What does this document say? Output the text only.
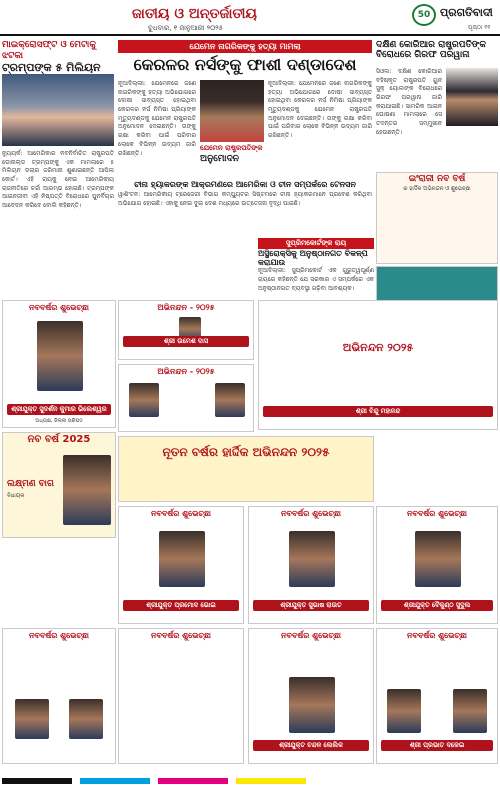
ଜାତୀୟ ଓ ଅନ୍ତର୍ଜାତୀୟ
ବୁଧବାର, ୧ ଜାନୁଆରୀ ୨୦୨୫
50 ପ୍ରଗତିବାଦୀ
ପୃଷ୍ଠା ୧୧
ମାଇକ୍ରୋସଫ୍ଟ ଓ ମେଟାକୁ ଝଟକା
ଟ୍ରମ୍ପଙ୍କ ୫ ମିଲିୟନ
ନ୍ୟୁୟର୍କ: ଆମେରିକାର ନବନିର୍ବାଚିତ ରାଷ୍ଟ୍ରପତି ଡୋନାଲ୍ଡ ଟ୍ରମ୍ପଙ୍କୁ ଏକ ମାମଲାରେ ୫ ମିଲିୟନ ଡଲାର ଜରିମାନା ଶୁଣାଇଛନ୍ତି ଆପିଲ କୋର୍ଟ। ଏହି ରାୟକୁ ନେଇ ଆମେରିକୀୟ ରାଜନୀତିରେ ଚର୍ଚ୍ଚା ଆରମ୍ଭ ହୋଇଛି। ଟ୍ରମ୍ପଙ୍କ ଆଇନଜୀବୀ ଏହି ନିଷ୍ପତ୍ତି ବିରୋଧରେ ପୁନର୍ବିଚାର ଆବେଦନ କରିବେ ବୋଲି କହିଛନ୍ତି।
ଯେମେନ ନାଗରିକଙ୍କୁ ହତ୍ୟା ମାମଲା
କେରଳର ନର୍ସଙ୍କୁ ଫାଶୀ ଦଣ୍ଡାଦେଶ
ନୂଆଦିଲ୍ଲୀ: ଯେମେନରେ ଜଣେ ନାଗରିକଙ୍କୁ ହତ୍ୟା ଅଭିଯୋଗରେ ଦୋଷୀ ସାବ୍ୟସ୍ତ ହୋଇଥିବା କେରଳର ନର୍ସ ନିମିଷା ପ୍ରିୟାଙ୍କ ମୃତ୍ୟୁଦଣ୍ଡକୁ ଯେମେନ ରାଷ୍ଟ୍ରପତି ଅନୁମୋଦନ ଦେଇଛନ୍ତି। ତାଙ୍କୁ ରକ୍ଷା କରିବା ପାଇଁ ପରିବାର ଲୋକେ ବିଭିନ୍ନ ଉଦ୍ୟମ ଜାରି ରଖିଛନ୍ତି।
ଯେମେନ ରାଷ୍ଟ୍ରପତିଙ୍କ
ଅନୁମୋଦନ
ନୂଆଦିଲ୍ଲୀ: ଯେମେନରେ ଜଣେ ନାଗରିକଙ୍କୁ ହତ୍ୟା ଅଭିଯୋଗରେ ଦୋଷୀ ସାବ୍ୟସ୍ତ ହୋଇଥିବା କେରଳର ନର୍ସ ନିମିଷା ପ୍ରିୟାଙ୍କ ମୃତ୍ୟୁଦଣ୍ଡକୁ ଯେମେନ ରାଷ୍ଟ୍ରପତି ଅନୁମୋଦନ ଦେଇଛନ୍ତି। ତାଙ୍କୁ ରକ୍ଷା କରିବା ପାଇଁ ପରିବାର ଲୋକେ ବିଭିନ୍ନ ଉଦ୍ୟମ ଜାରି ରଖିଛନ୍ତି।
ଚୀନା ହ୍ୟାକରଙ୍କ ଆକ୍ରମଣରେ ଆମେରିକା ଓ ଚୀନ ସମ୍ପର୍କରେ ଟେନସନ
ୱାଶିଂଟନ: ଆମେରିକୀୟ ଟ୍ରେଜେରୀ ବିଭାଗ କମ୍ପ୍ୟୁଟର ସିଷ୍ଟମରେ ଚୀନା ହ୍ୟାକରମାନେ ପ୍ରବେଶ କରିଥିବା ଅଭିଯୋଗ ହୋଇଛି। ଏହାକୁ ନେଇ ଦୁଇ ଦେଶ ମଧ୍ୟରେ ଉତ୍ତେଜନା ବୃଦ୍ଧି ପାଇଛି।
ସୁପ୍ରିମକୋର୍ଟଙ୍କ ରାୟ
ଅସ୍ଥିରୋକ୍ସିକୁ ଅନୁଷ୍ଠାନଗତ ବିକଳ୍ପ କରାଯାଉ
ନୂଆଦିଲ୍ଲୀ: ସୁପ୍ରିମକୋର୍ଟ ଏକ ଗୁରୁତ୍ୱପୂର୍ଣ୍ଣ ରାୟରେ କହିଛନ୍ତି ଯେ ସରକାର ଏ ସମ୍ପର୍କରେ ଏକ ଅନୁଷ୍ଠାନଗତ ବ୍ୟବସ୍ଥା ଗଢ଼ିବା ଆବଶ୍ୟକ।
ଦକ୍ଷିଣ କୋରିଆର ରାଷ୍ଟ୍ରପତିଙ୍କ ବିରୋଧରେ ଗିରଫ ପରୱାନା
ସିଓଲ: ଦକ୍ଷିଣ କୋରିଆର ବହିଷ୍କୃତ ରାଷ୍ଟ୍ରପତି ୟୁନ ସୁକ୍ ୟୋଲଙ୍କ ବିରୋଧରେ ଗିରଫ ପରୱାନା ଜାରି କରାଯାଇଛି। ସାମରିକ ଆଇନ ଘୋଷଣା ମାମଲାରେ ସେ ତଦନ୍ତର ସମ୍ମୁଖୀନ ହେଉଛନ୍ତି।
ନବବର୍ଷର ଶୁଭେଚ୍ଛା
ଶ୍ରୀଯୁକ୍ତ ସୁଦର୍ଶନ କୁମାର ଭିଲେଶ୍ୱର
ଅଧ୍ୟକ୍ଷ, ଜିଲ୍ଲା ପରିଷଦ
ନବ ବର୍ଷ 2025
ଲକ୍ଷ୍ମଣ ବାଗ
ବିଧାୟକ
ଅଭିନନ୍ଦନ - ୨୦୨୫
ଶ୍ରୀ ଉମେଶ ଦାସ
ଅଭିନନ୍ଦନ - ୨୦୨୫
ନୂତନ ବର୍ଷର ହାର୍ଦ୍ଦିକ ଅଭିନନ୍ଦନ ୨୦୨୫
ଇଂରାଜୀ ନବ ବର୍ଷ
ର ହାର୍ଦ୍ଦିକ ଅଭିନନ୍ଦନ ଓ ଶୁଭେଚ୍ଛା
ଅଭିନନ୍ଦନ ୨୦୨୫
ଶ୍ରୀ ବିନ୍ଦୁ ମହାନନ୍ଦ
ନବବର୍ଷର ଶୁଭେଚ୍ଛା
ଶ୍ରୀଯୁକ୍ତ ପ୍ରମୋଦ ଭୋଇ
ନବବର୍ଷର ଶୁଭେଚ୍ଛା
ଶ୍ରୀଯୁକ୍ତ ସୁଭାଷ ରାଉତ
ନବବର୍ଷର ଶୁଭେଚ୍ଛା
ଶ୍ରୀଯୁକ୍ତ ବୈକୁଣ୍ଠ ସୁଦୁଲ
ନବବର୍ଷର ଶୁଭେଚ୍ଛା	ନବବର୍ଷର ଶୁଭେଚ୍ଛା	ନବବର୍ଷର ଶୁଭେଚ୍ଛା
ଶ୍ରୀଯୁକ୍ତ ଚନ୍ଦନ ଲେଲିକ
ନବବର୍ଷର ଶୁଭେଚ୍ଛା
ଶ୍ରୀ ପ୍ରଭାତ ଦଳେଇ
